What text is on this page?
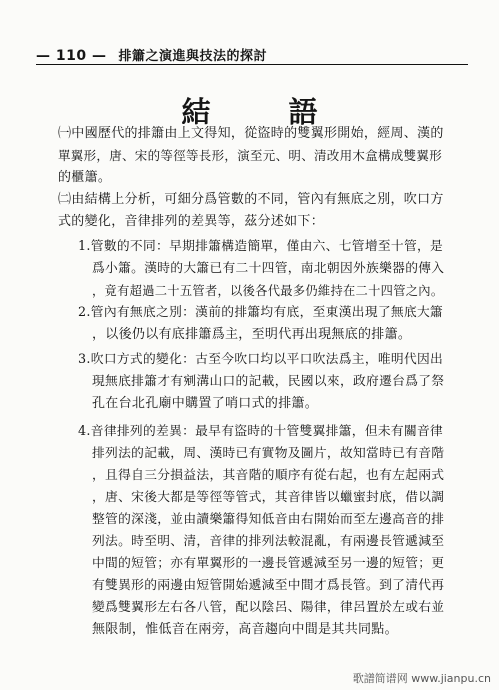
— 110 — 排簫之演進與技法的探討
結 語
㈠中國歷代的排簫由上文得知，從盜時的雙翼形開始，經周、漢的
單翼形，唐、宋的等徑等長形，演至元、明、清改用木盒構成雙翼形
的櫃簫。
㈡由結構上分析，可細分爲管數的不同，管內有無底之別，吹口方
式的變化，音律排列的差異等，茲分述如下：
1.管數的不同：早期排簫構造簡單，僅由六、七管增至十管，是
爲小簫。漢時的大簫已有二十四管，南北朝因外族樂器的傳入
，竟有超過二十五管者，以後各代最多仍維持在二十四管之內。
2.管內有無底之別：漢前的排簫均有底，至東漢出現了無底大簫
，以後仍以有底排簫爲主，至明代再出現無底的排簫。
3.吹口方式的變化：古至今吹口均以平口吹法爲主，唯明代因出
現無底排簫才有剜溝山口的記載，民國以來，政府遷台爲了祭
孔在台北孔廟中購置了哨口式的排簫。
4.音律排列的差異：最早有盜時的十管雙翼排簫，但未有關音律
排列法的記載，周、漢時已有實物及圖片，故知當時已有音階
，且得自三分損益法，其音階的順序有從右起，也有左起兩式
，唐、宋後大都是等徑等管式，其音律皆以蠟蜜封底，借以調
整管的深淺，並由讀樂簫得知低音由右開始而至左邊高音的排
列法。時至明、清，音律的排列法較混亂，有兩邊長管遞減至
中間的短管；亦有單翼形的一邊長管遞減至另一邊的短管；更
有雙異形的兩邊由短管開始遞減至中間才爲長管。到了清代再
變爲雙翼形左右各八管，配以陰呂、陽律，律呂置於左或右並
無限制，惟低音在兩旁，高音趨向中間是其共同點。
歌譜简谱网 www.jianpu.cn
